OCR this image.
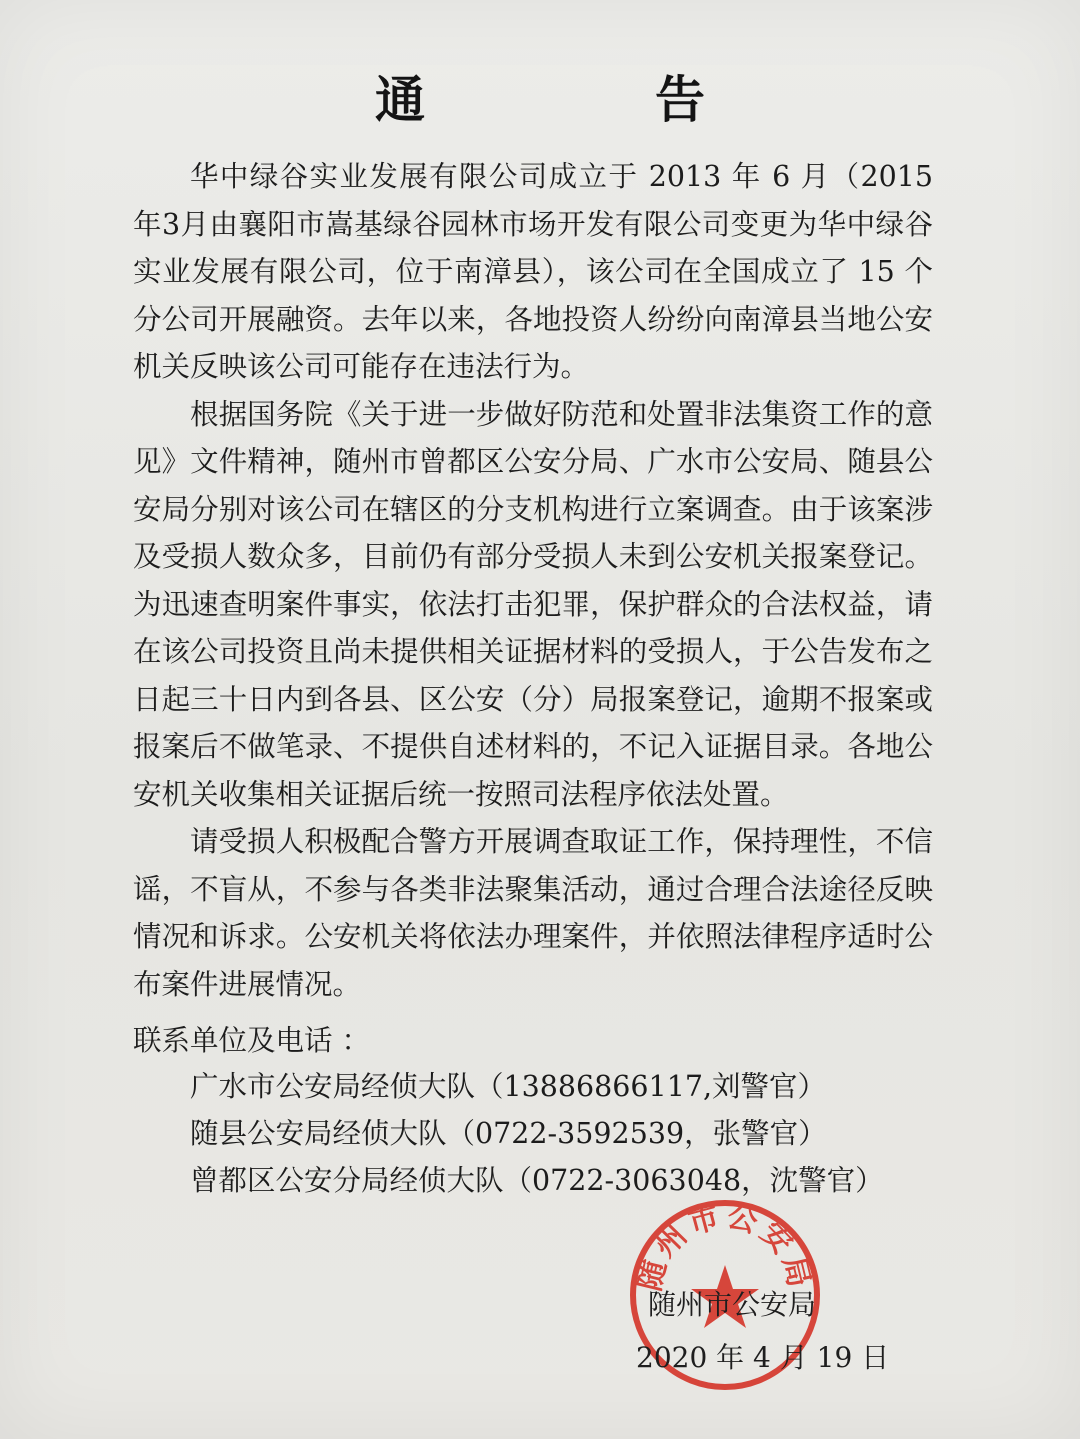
通　告

华中绿谷实业发展有限公司成立于 2013 年 6 月（2015 年3月由襄阳市嵩基绿谷园林市场开发有限公司变更为华中绿谷实业发展有限公司，位于南漳县），该公司在全国成立了 15 个分公司开展融资。去年以来，各地投资人纷纷向南漳县当地公安机关反映该公司可能存在违法行为。

根据国务院《关于进一步做好防范和处置非法集资工作的意见》文件精神，随州市曾都区公安分局、广水市公安局、随县公安局分别对该公司在辖区的分支机构进行立案调查。由于该案涉及受损人数众多，目前仍有部分受损人未到公安机关报案登记。为迅速查明案件事实，依法打击犯罪，保护群众的合法权益，请在该公司投资且尚未提供相关证据材料的受损人，于公告发布之日起三十日内到各县、区公安（分）局报案登记，逾期不报案或报案后不做笔录、不提供自述材料的，不记入证据目录。各地公安机关收集相关证据后统一按照司法程序依法处置。

请受损人积极配合警方开展调查取证工作，保持理性，不信谣，不盲从，不参与各类非法聚集活动，通过合理合法途径反映情况和诉求。公安机关将依法办理案件，并依照法律程序适时公布案件进展情况。

联系单位及电话 ：
广水市公安局经侦大队（13886866117,刘警官）
随县公安局经侦大队（0722-3592539，张警官）
曾都区公安分局经侦大队（0722-3063048，沈警官）
随州市公安局
随州市公安局
2020 年 4 月 19 日
